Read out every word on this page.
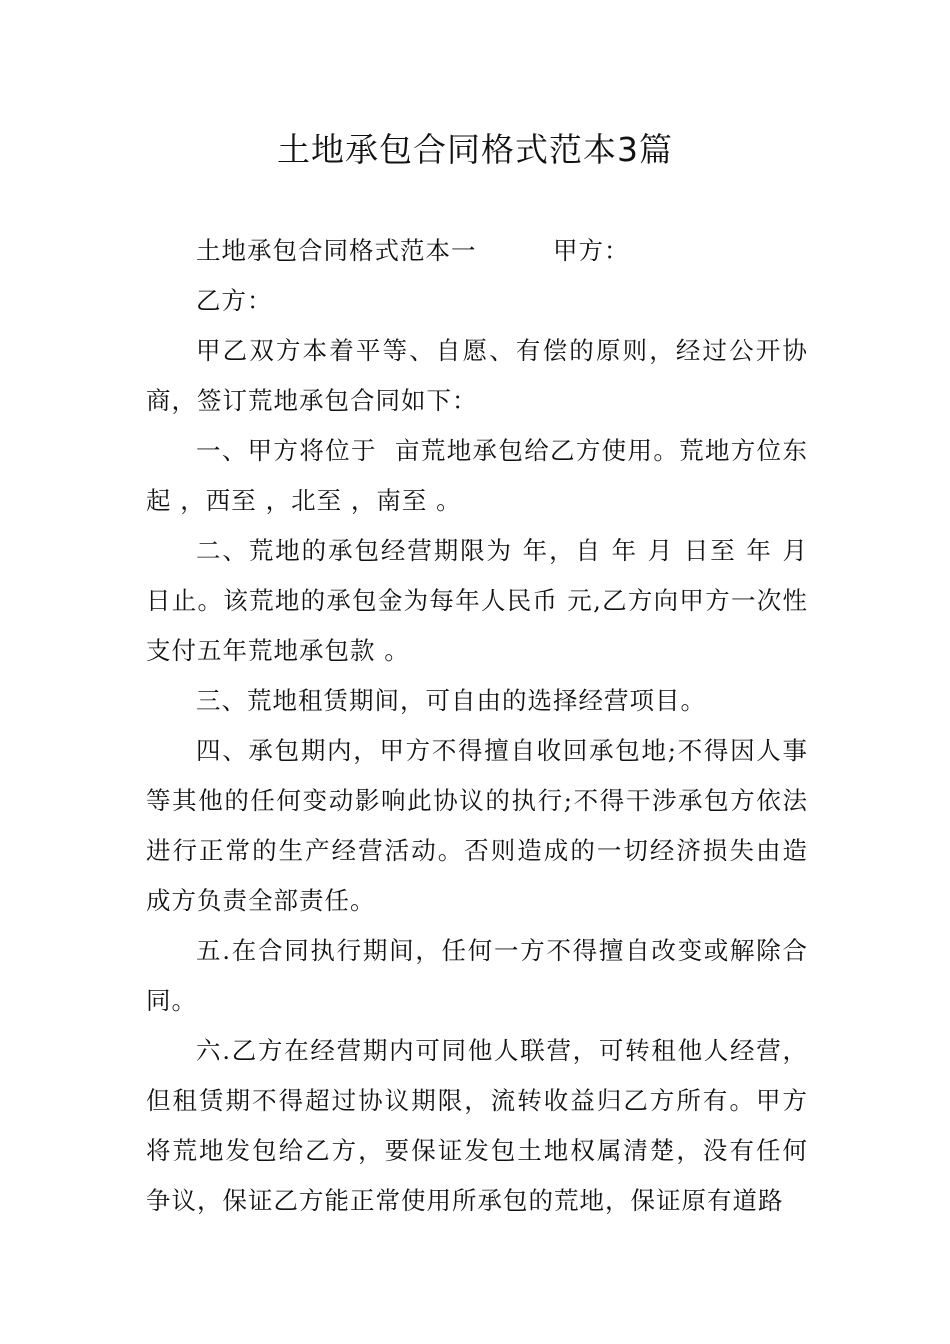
土地承包合同格式范本3篇

土地承包合同格式范本一　　　甲方：

乙方：

甲乙双方本着平等、自愿、有偿的原则，经过公开协商，签订荒地承包合同如下：

一、甲方将位于  亩荒地承包给乙方使用。荒地方位东起 ，西至 ，北至 ，南至 。

二、荒地的承包经营期限为 年，自 年 月 日至 年 月 日止。该荒地的承包金为每年人民币 元,乙方向甲方一次性支付五年荒地承包款 。

三、荒地租赁期间，可自由的选择经营项目。

四、承包期内，甲方不得擅自收回承包地;不得因人事等其他的任何变动影响此协议的执行;不得干涉承包方依法进行正常的生产经营活动。否则造成的一切经济损失由造成方负责全部责任。

五.在合同执行期间，任何一方不得擅自改变或解除合同。

六.乙方在经营期内可同他人联营，可转租他人经营，但租赁期不得超过协议期限，流转收益归乙方所有。甲方将荒地发包给乙方，要保证发包土地权属清楚，没有任何争议，保证乙方能正常使用所承包的荒地，保证原有道路
